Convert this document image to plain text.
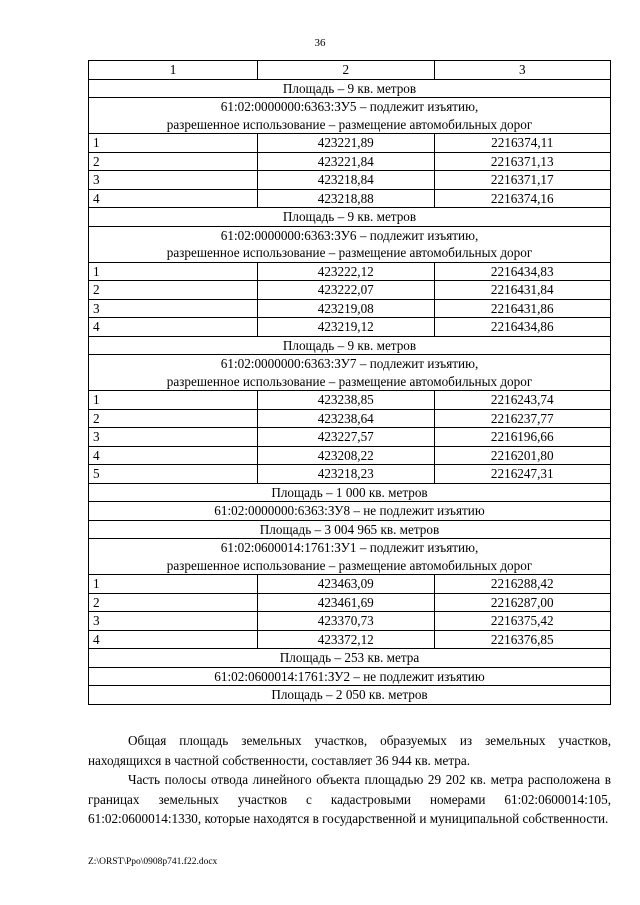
36
1	2	3
Площадь – 9 кв. метров		

61:02:0000000:6363:ЗУ5 – подлежит изъятию,
разрешенное использование – размещение автомобильных дорог		

1	423221,89	2216374,11
2	423221,84	2216371,13
3	423218,84	2216371,17
4	423218,88	2216374,16
Площадь – 9 кв. метров		

61:02:0000000:6363:ЗУ6 – подлежит изъятию,
разрешенное использование – размещение автомобильных дорог		

1	423222,12	2216434,83
2	423222,07	2216431,84
3	423219,08	2216431,86
4	423219,12	2216434,86
Площадь – 9 кв. метров		

61:02:0000000:6363:ЗУ7 – подлежит изъятию,
разрешенное использование – размещение автомобильных дорог		

1	423238,85	2216243,74
2	423238,64	2216237,77
3	423227,57	2216196,66
4	423208,22	2216201,80
5	423218,23	2216247,31
Площадь – 1 000 кв. метров		
61:02:0000000:6363:ЗУ8 – не подлежит изъятию		
Площадь – 3 004 965 кв. метров		

61:02:0600014:1761:ЗУ1 – подлежит изъятию,
разрешенное использование – размещение автомобильных дорог		

1	423463,09	2216288,42
2	423461,69	2216287,00
3	423370,73	2216375,42
4	423372,12	2216376,85
Площадь – 253 кв. метра		
61:02:0600014:1761:ЗУ2 – не подлежит изъятию		
Площадь – 2 050 кв. метров		

Общая площадь земельных участков, образуемых из земельных участков, находящихся в частной собственности, составляет 36 944 кв. метра.

Часть полосы отвода линейного объекта площадью 29 202 кв. метра расположена в границах земельных участков с кадастровыми номерами 61:02:0600014:105, 61:02:0600014:1330, которые находятся в государственной и муниципальной собственности.

Z:\ORST\Ppo\0908p741.f22.docx
